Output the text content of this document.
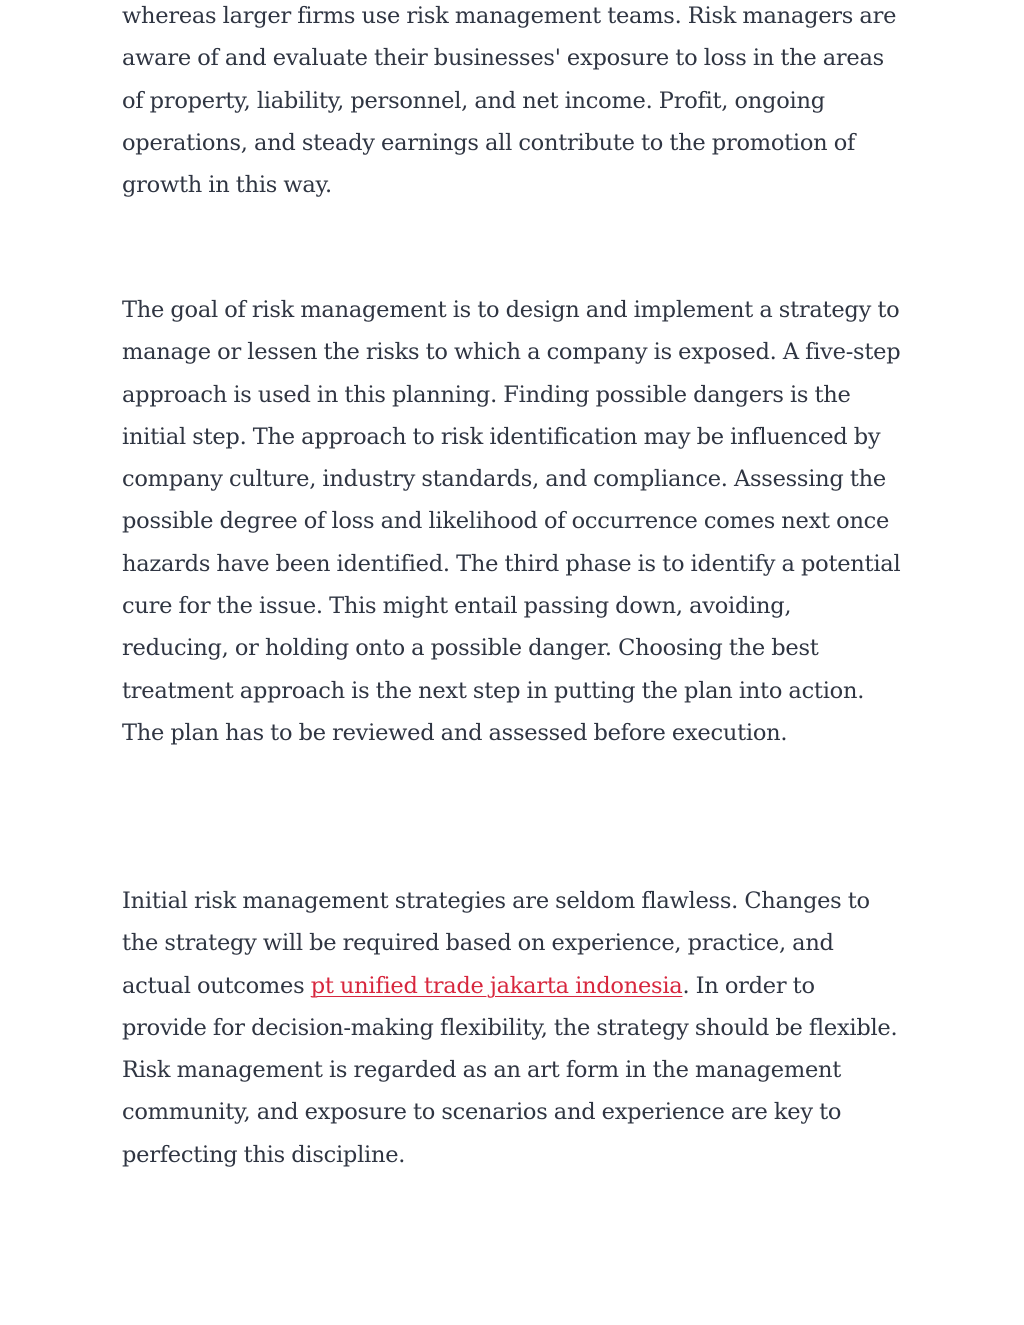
whereas larger firms use risk management teams. Risk managers are aware of and evaluate their businesses' exposure to loss in the areas of property, liability, personnel, and net income. Profit, ongoing operations, and steady earnings all contribute to the promotion of growth in this way.

The goal of risk management is to design and implement a strategy to manage or lessen the risks to which a company is exposed. A five-step approach is used in this planning. Finding possible dangers is the initial step. The approach to risk identification may be influenced by company culture, industry standards, and compliance. Assessing the possible degree of loss and likelihood of occurrence comes next once hazards have been identified. The third phase is to identify a potential cure for the issue. This might entail passing down, avoiding, reducing, or holding onto a possible danger. Choosing the best treatment approach is the next step in putting the plan into action. The plan has to be reviewed and assessed before execution.

Initial risk management strategies are seldom flawless. Changes to the strategy will be required based on experience, practice, and actual outcomes pt unified trade jakarta indonesia. In order to provide for decision-making flexibility, the strategy should be flexible. Risk management is regarded as an art form in the management community, and exposure to scenarios and experience are key to perfecting this discipline.
